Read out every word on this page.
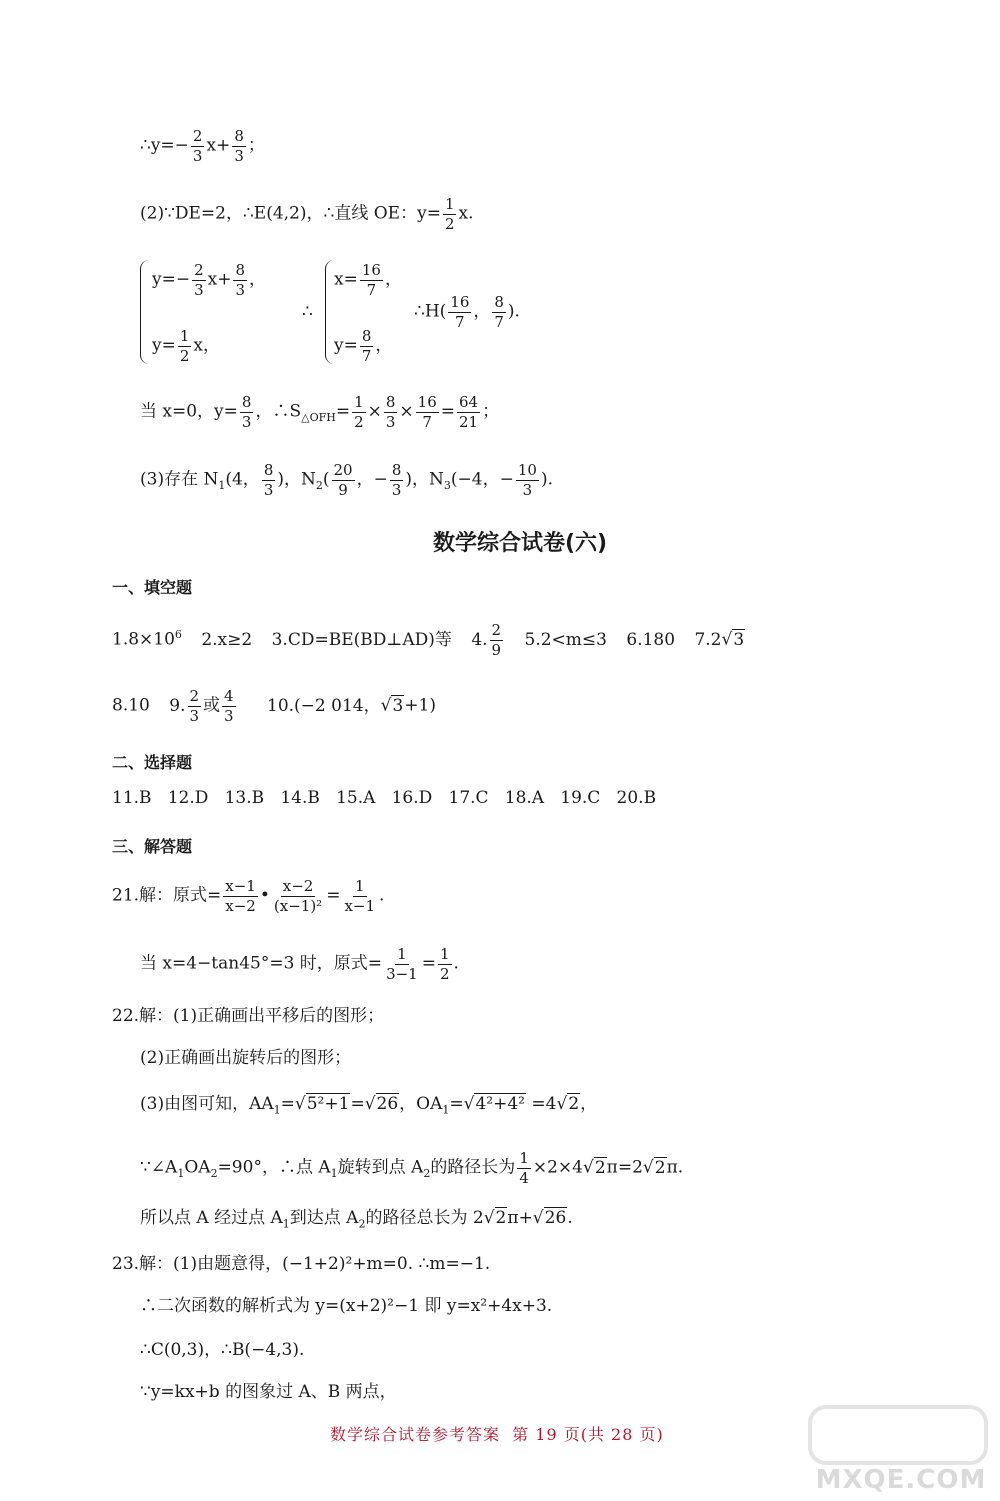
∴y=− $\frac{2}{3} x+ \frac{8}{3}$ ；
(2)∵DE=2，∴E(4,2)，∴直线 OE：$y= \frac{1}{2} x$.
$y=- \frac{2}{3} x+ \frac{8}{3}$ ，
$y= \frac{1}{2}$ x，
∴
$x= \frac{16}{7}$ ，
$y= \frac{8}{7}$ ，
∴H( $\frac{16}{7}$ ， $\frac{8}{7}$ ).
当 x=0，$y= \frac{8}{3}$ ，$\therefore S_{\triangle OFH}= \frac{1}{2} \times \frac{8}{3} \times \frac{16}{7} = \frac{64}{21}$ ；
(3)存在 $N_1(4$， $\frac{8}{3}$ )，$N_2( \frac{20}{9}$ ，− $\frac{8}{3}$ )，$N_3(-4$，− $\frac{10}{3}$ ).
数学综合试卷(六)
一、填空题
$1.8\times 10^6$ 2.x≥2 3.CD=BE(BD⊥AD)等 4. $\frac{2}{9} 5.2<m\le 3$ 6.180 7.2√3
8.10 9. $\frac{2}{3}$ 或 $\frac{4}{3} 10.(-2$ 014，√3+1)
二、选择题
11.B   12.D   13.B   14.B   15.A   16.D   17.C   18.A   19.C   20.B
三、解答题
21.解：原式= $\frac{x-1}{x-2}$ • $\frac{x-2}{\text{(x−1)²}} = \frac{1}{x-1}$ .
当 x=4−tan45°=3 时，原式= $\frac{1}{3-1} = \frac{1}{2}$ .
22.解：(1)正确画出平移后的图形；
(2)正确画出旋转后的图形；
(3)由图可知，$AA_1=√5^2+1=√26$，$OA_1=√4^2+4^2 =4√2$，
$\because\angle A_1OA_2=90^\circ$，∴点 $A_1$旋转到点 $A_2$的路径长为 $\frac{1}{4} \times 2\times 4√2\pi=2√2\pi$.
所以点 A 经过点 $A_1$到达点 $A_2$的路径总长为 2√2π+√26.
23.解：(1)由题意得，(−1+2)²+m=0. ∴m=−1.
∴二次函数的解析式为 y=(x+2)²−1 即 y=x²+4x+3.
∴C(0,3)，∴B(−4,3).
∵y=kx+b 的图象过 A、B 两点，
数学综合试卷参考答案  第 19 页(共 28 页)
MXQE.COM
